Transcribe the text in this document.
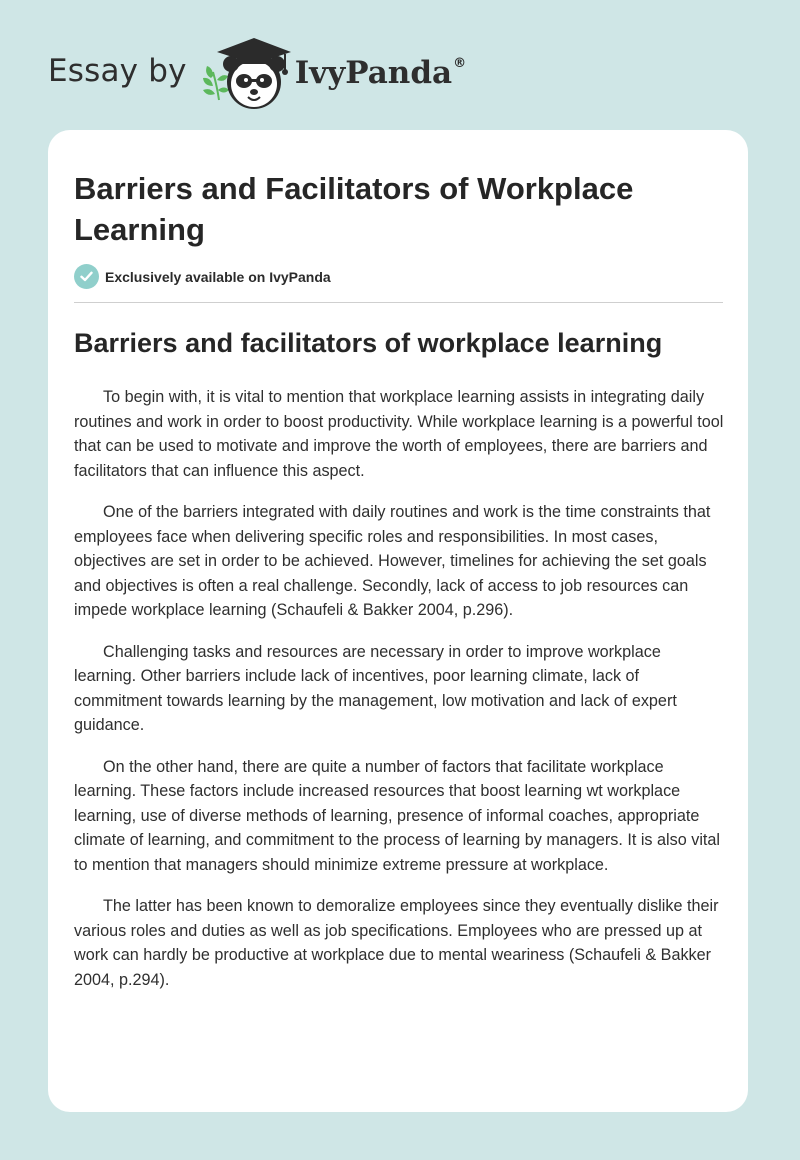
Essay by	IvyPanda®
Barriers and Facilitators of Workplace Learning
Exclusively available on IvyPanda
Barriers and facilitators of workplace learning

To begin with, it is vital to mention that workplace learning assists in integrating daily routines and work in order to boost productivity. While workplace learning is a powerful tool that can be used to motivate and improve the worth of employees, there are barriers and facilitators that can influence this aspect.

One of the barriers integrated with daily routines and work is the time constraints that employees face when delivering specific roles and responsibilities. In most cases, objectives are set in order to be achieved. However, timelines for achieving the set goals and objectives is often a real challenge. Secondly, lack of access to job resources can impede workplace learning (Schaufeli & Bakker 2004, p.296).

Challenging tasks and resources are necessary in order to improve workplace learning. Other barriers include lack of incentives, poor learning climate, lack of commitment towards learning by the management, low motivation and lack of expert guidance.

On the other hand, there are quite a number of factors that facilitate workplace learning. These factors include increased resources that boost learning wt workplace learning, use of diverse methods of learning, presence of informal coaches, appropriate climate of learning, and commitment to the process of learning by managers. It is also vital to mention that managers should minimize extreme pressure at workplace.

The latter has been known to demoralize employees since they eventually dislike their various roles and duties as well as job specifications. Employees who are pressed up at work can hardly be productive at workplace due to mental weariness (Schaufeli & Bakker 2004, p.294).
